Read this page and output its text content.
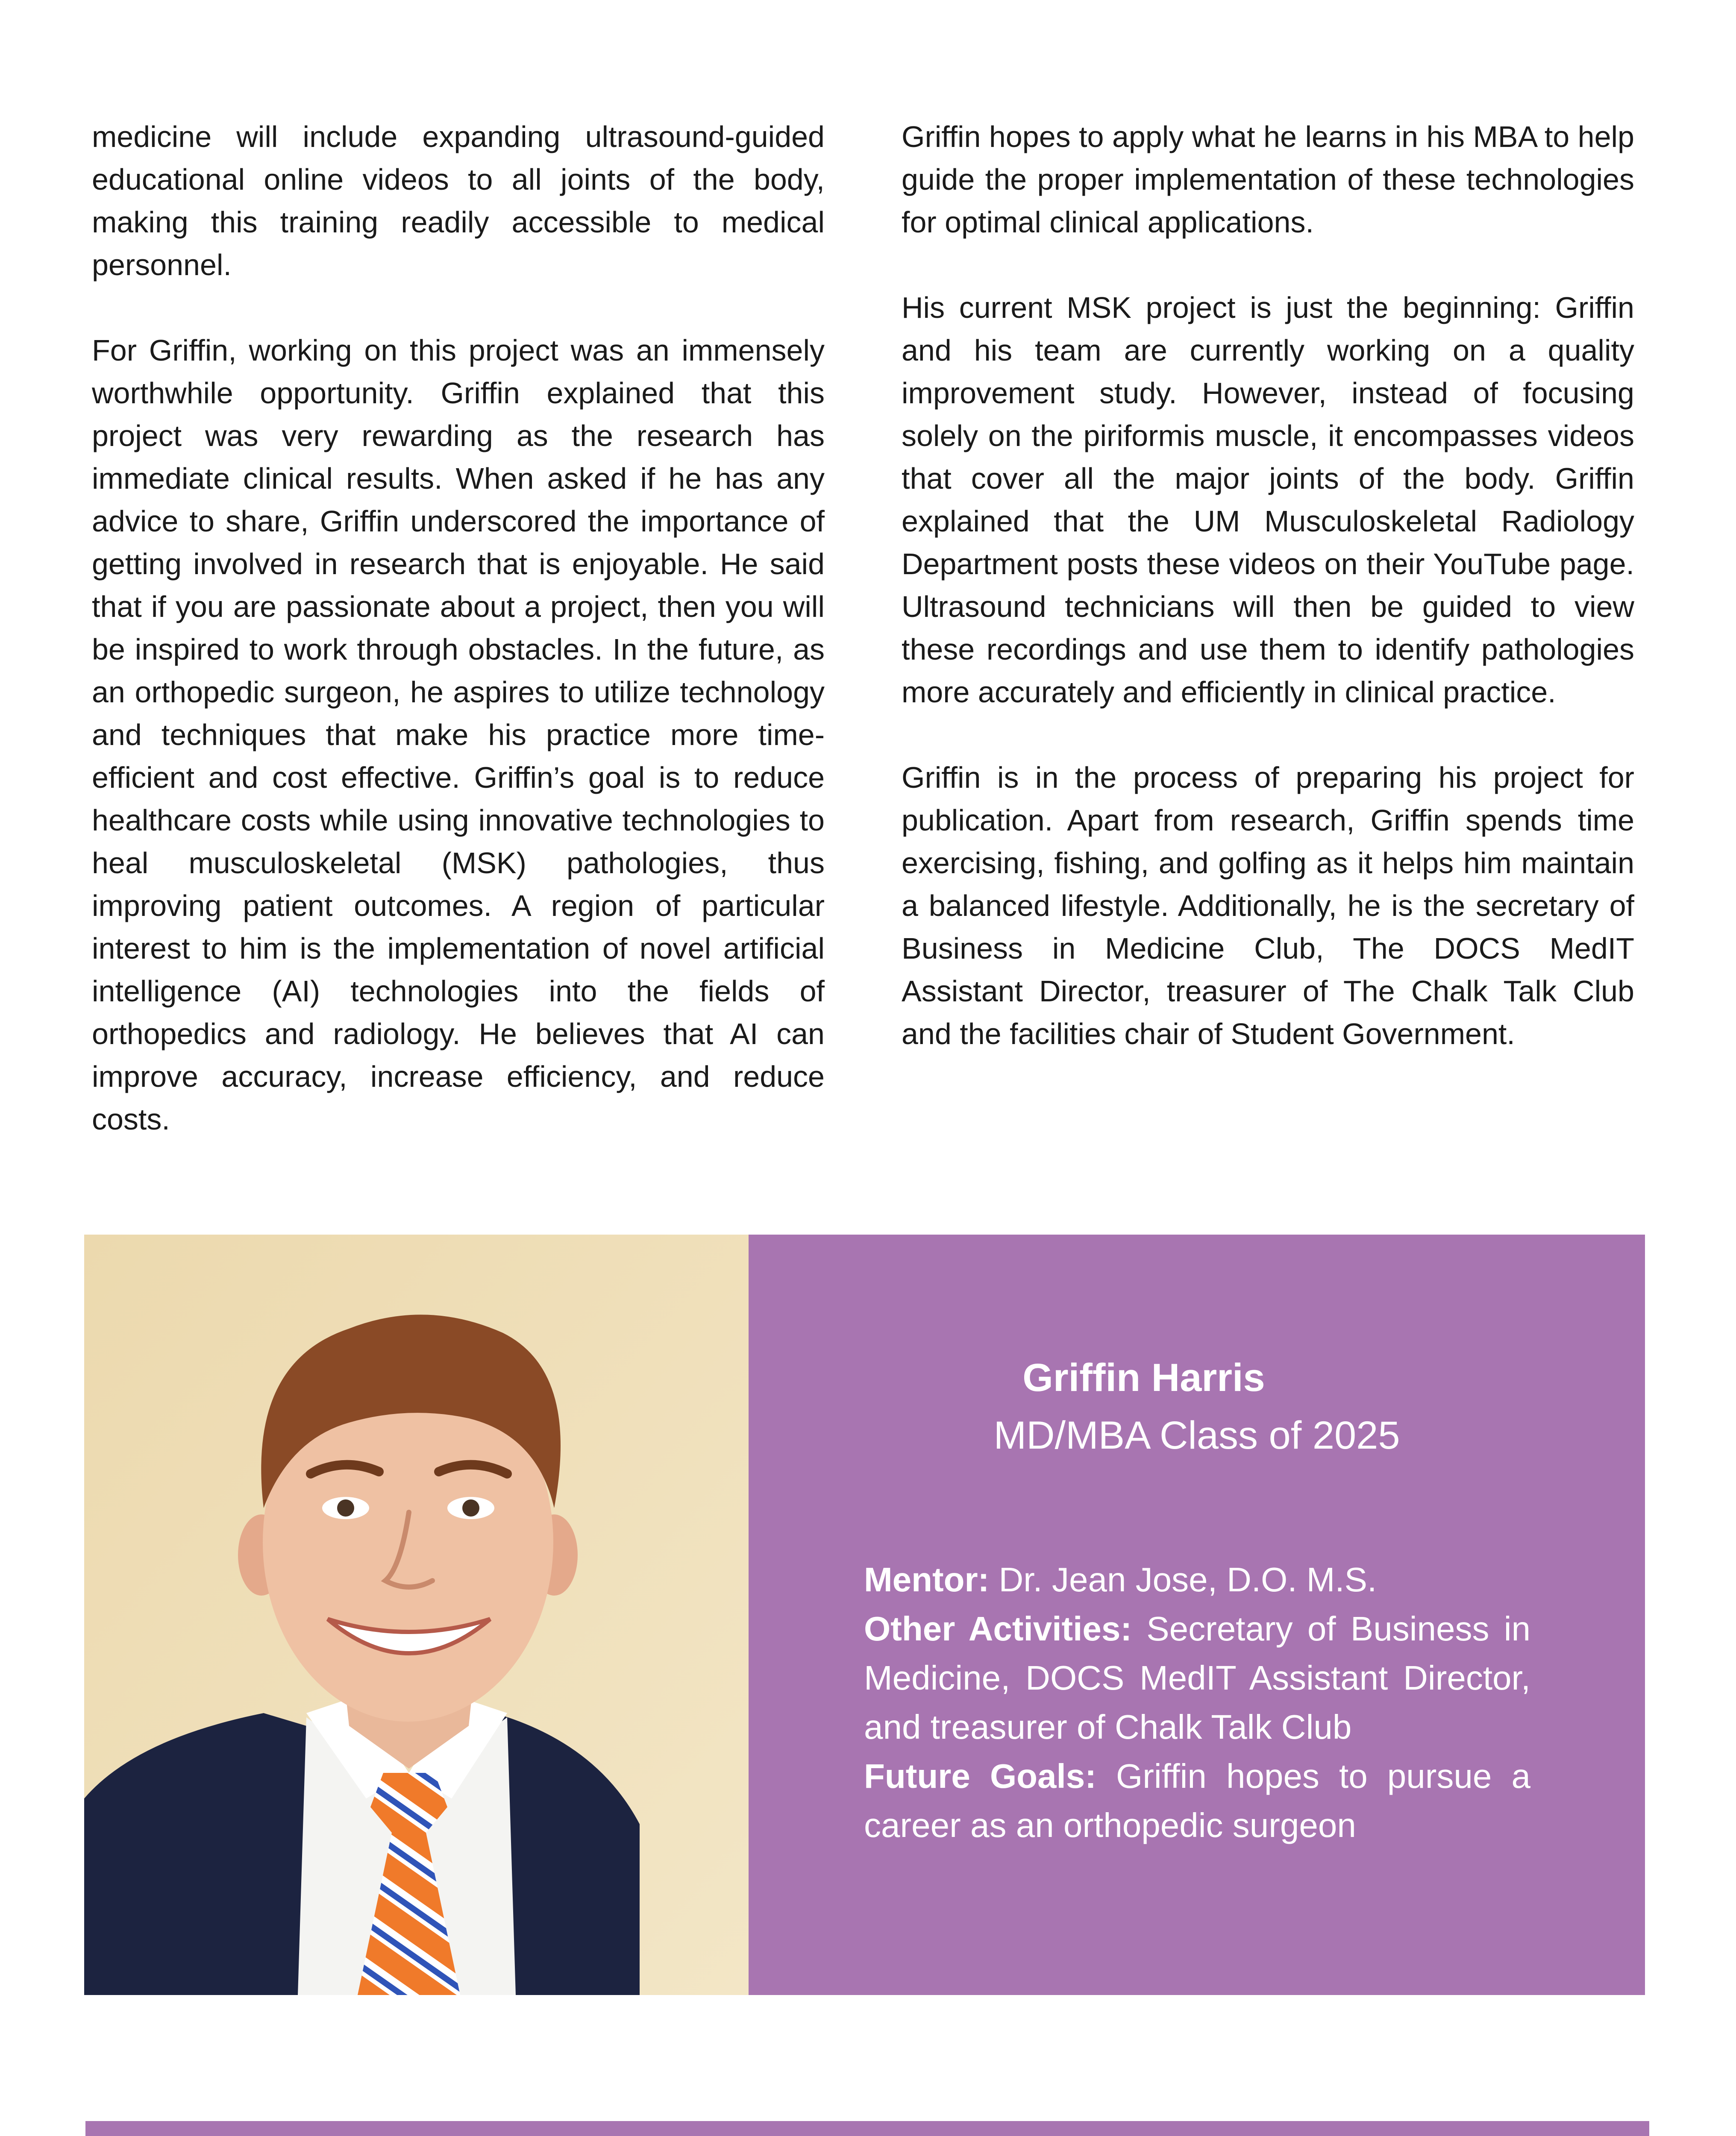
medicine will include expanding ultrasound-guided educational online videos to all joints of the body, making this training readily accessible to medical personnel.

For Griffin, working on this project was an immensely worthwhile opportunity. Griffin explained that this project was very rewarding as the research has immediate clinical results. When asked if he has any advice to share, Griffin underscored the importance of getting involved in research that is enjoyable. He said that if you are passionate about a project, then you will be inspired to work through obstacles. In the future, as an orthopedic surgeon, he aspires to utilize technology and techniques that make his practice more time-efficient and cost effective. Griffin’s goal is to reduce healthcare costs while using innovative technologies to heal musculoskeletal (MSK) pathologies, thus improving patient outcomes. A region of particular interest to him is the implementation of novel artificial intelligence (AI) technologies into the fields of orthopedics and radiology. He believes that AI can improve accuracy, increase efficiency, and reduce costs.

Griffin hopes to apply what he learns in his MBA to help guide the proper implementation of these technologies for optimal clinical applications.

His current MSK project is just the beginning: Griffin and his team are currently working on a quality improvement study. However, instead of focusing solely on the piriformis muscle, it encompasses videos that cover all the major joints of the body. Griffin explained that the UM Musculoskeletal Radiology Department posts these videos on their YouTube page. Ultrasound technicians will then be guided to view these recordings and use them to identify pathologies more accurately and efficiently in clinical practice.

Griffin is in the process of preparing his project for publication. Apart from research, Griffin spends time exercising, fishing, and golfing as it helps him maintain a balanced lifestyle. Additionally, he is the secretary of Business in Medicine Club, The DOCS MedIT Assistant Director, treasurer of The Chalk Talk Club and the facilities chair of Student Government.

Griffin Harris
MD/MBA Class of 2025
Mentor: Dr. Jean Jose, D.O. M.S.
Other Activities: Secretary of Business in Medicine, DOCS MedIT Assistant Director, and treasurer of Chalk Talk Club
Future Goals: Griffin hopes to pursue a career as an orthopedic surgeon
